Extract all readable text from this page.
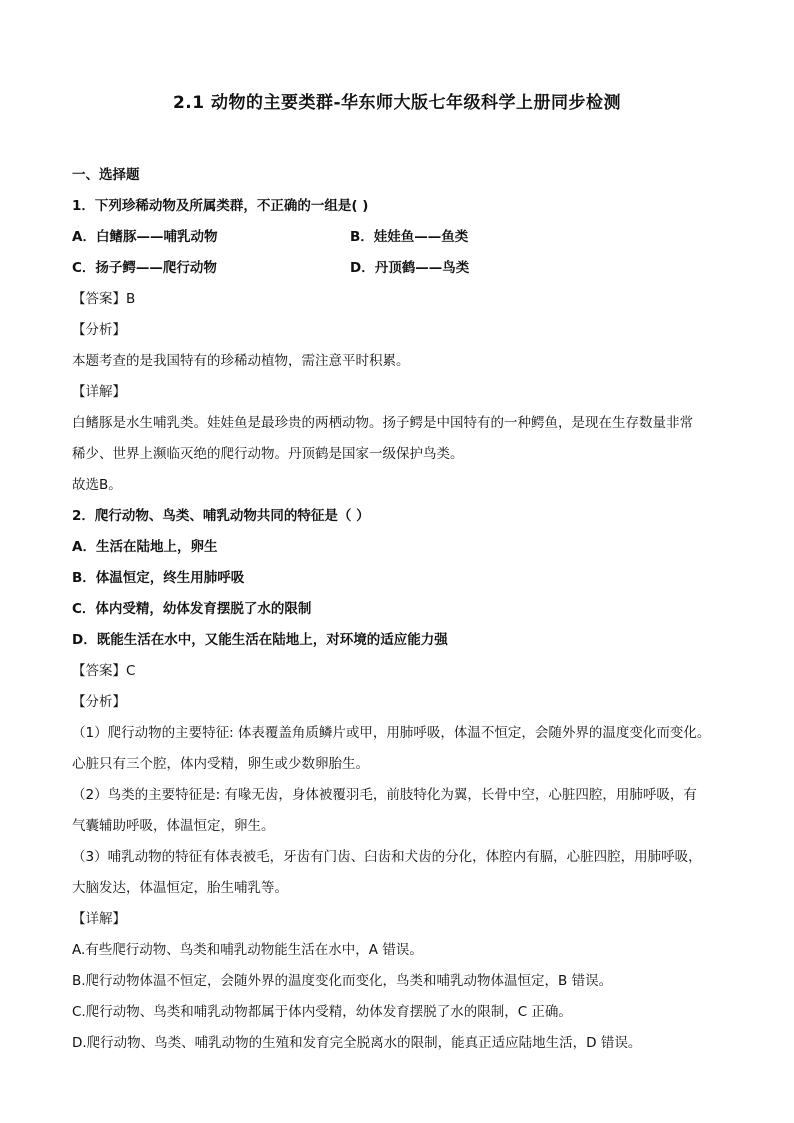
2.1 动物的主要类群-华东师大版七年级科学上册同步检测
一、选择题
1．下列珍稀动物及所属类群，不正确的一组是( )
A．白鳍豚——哺乳动物	B．娃娃鱼——鱼类
C．扬子鳄——爬行动物	D．丹顶鹤——鸟类
【答案】B
【分析】
本题考查的是我国特有的珍稀动植物，需注意平时积累。
【详解】
白鳍豚是水生哺乳类。娃娃鱼是最珍贵的两栖动物。扬子鳄是中国特有的一种鳄鱼，是现在生存数量非常
稀少、世界上濒临灭绝的爬行动物。丹顶鹤是国家一级保护鸟类。
故选B。
2．爬行动物、鸟类、哺乳动物共同的特征是（ ）
A．生活在陆地上，卵生
B．体温恒定，终生用肺呼吸
C．体内受精，幼体发育摆脱了水的限制
D．既能生活在水中，又能生活在陆地上，对环境的适应能力强
【答案】C
【分析】
（1）爬行动物的主要特征: 体表覆盖角质鳞片或甲，用肺呼吸，体温不恒定，会随外界的温度变化而变化。
心脏只有三个腔，体内受精，卵生或少数卵胎生。
（2）鸟类的主要特征是: 有喙无齿，身体被覆羽毛，前肢特化为翼，长骨中空，心脏四腔，用肺呼吸，有
气囊辅助呼吸，体温恒定，卵生。
（3）哺乳动物的特征有体表被毛，牙齿有门齿、臼齿和犬齿的分化，体腔内有膈，心脏四腔，用肺呼吸，
大脑发达，体温恒定，胎生哺乳等。
【详解】
A.有些爬行动物、鸟类和哺乳动物能生活在水中，A 错误。
B.爬行动物体温不恒定，会随外界的温度变化而变化，鸟类和哺乳动物体温恒定，B 错误。
C.爬行动物、鸟类和哺乳动物都属于体内受精，幼体发育摆脱了水的限制，C 正确。
D.爬行动物、鸟类、哺乳动物的生殖和发育完全脱离水的限制，能真正适应陆地生活，D 错误。
